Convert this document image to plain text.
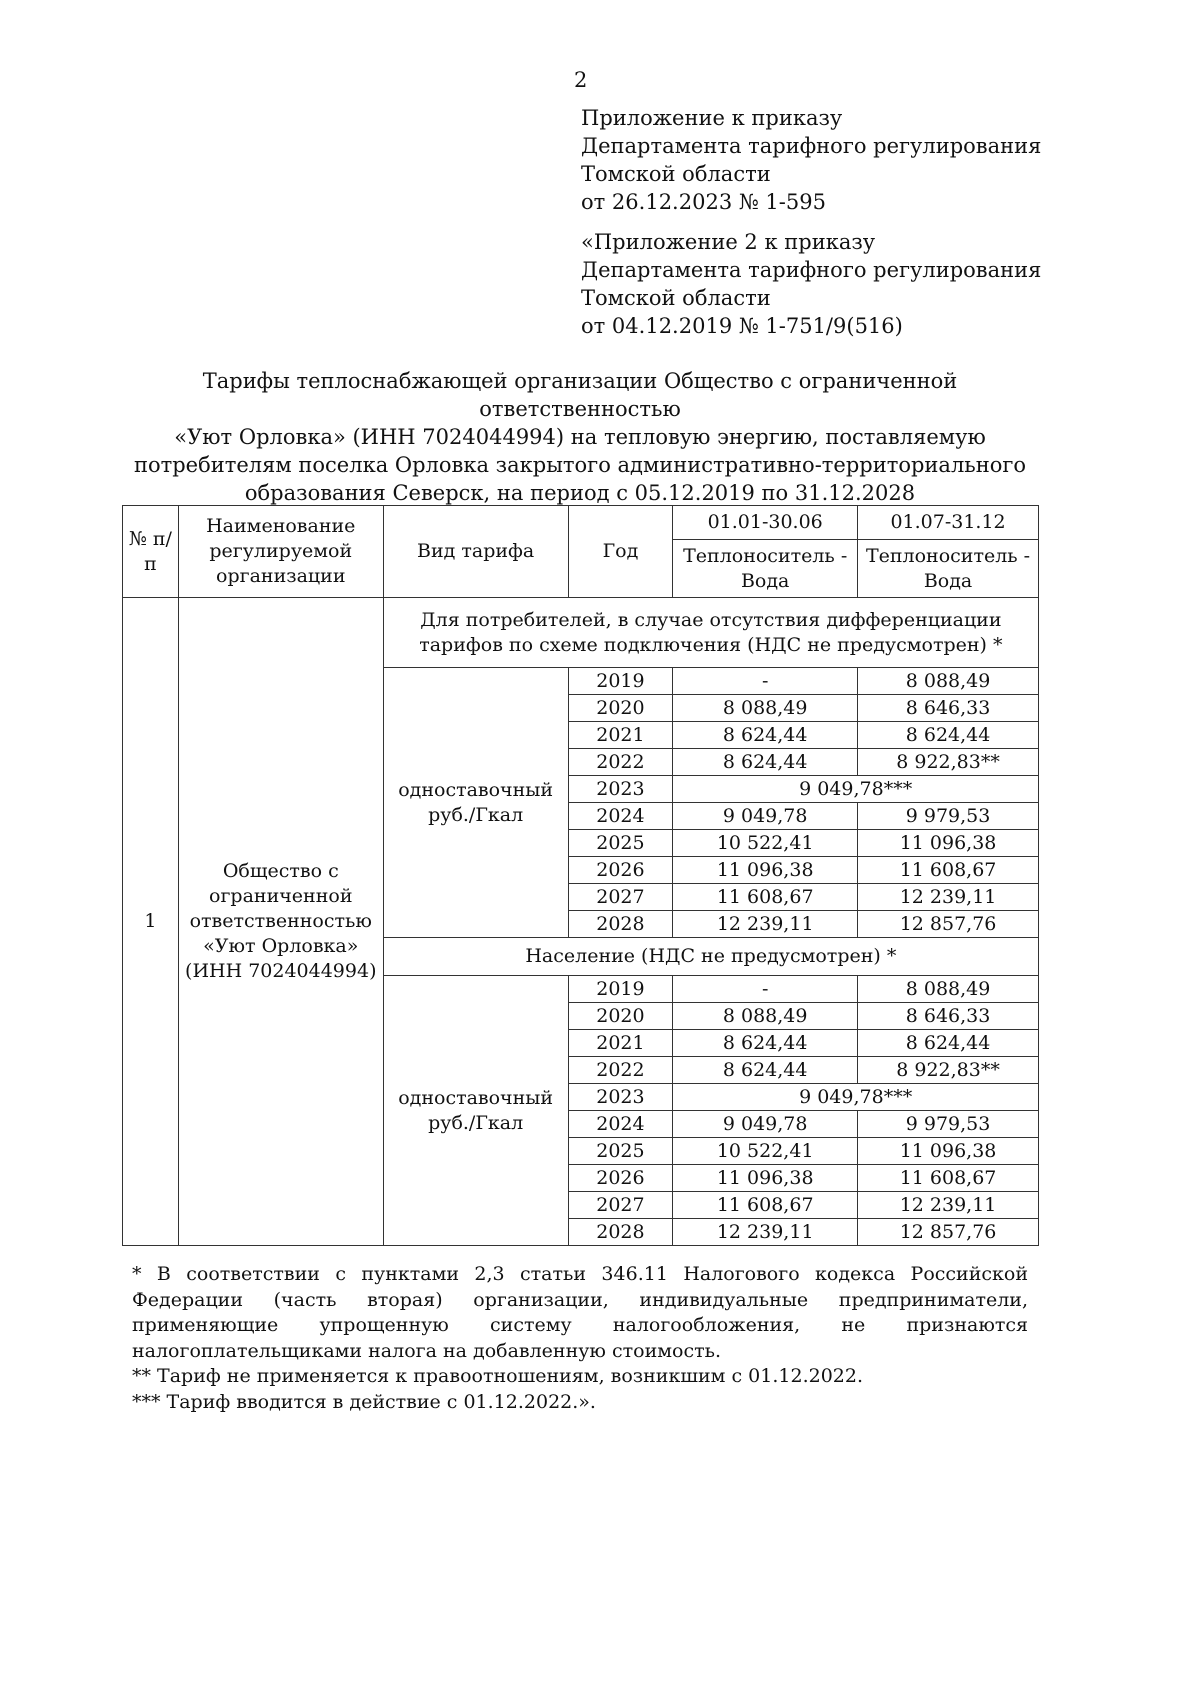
2
Приложение к приказу
Департамента тарифного регулирования
Томской области
от 26.12.2023 № 1-595
«Приложение 2 к приказу
Департамента тарифного регулирования
Томской области
от 04.12.2019 № 1-751/9(516)
Тарифы теплоснабжающей организации Общество с ограниченной ответственностью
«Уют Орловка» (ИНН 7024044994) на тепловую энергию, поставляемую
потребителям поселка Орловка закрытого административно-территориального
образования Северск, на период с 05.12.2019 по 31.12.2028
№ п/п	Наименование регулируемой организации	Вид тарифа	Год	01.01-30.06	01.07-31.12
				Теплоноситель - Вода	Теплоноситель - Вода
1	Общество с ограниченной ответственностью «Уют Орловка» (ИНН 7024044994)	Для потребителей, в случае отсутствия дифференциации тарифов по схеме подключения (НДС не предусмотрен) *			
		одноставочный руб./Гкал	2019	-	8 088,49
			2020	8 088,49	8 646,33
			2021	8 624,44	8 624,44
			2022	8 624,44	8 922,83**
			2023	9 049,78***	
			2024	9 049,78	9 979,53
			2025	10 522,41	11 096,38
			2026	11 096,38	11 608,67
			2027	11 608,67	12 239,11
			2028	12 239,11	12 857,76
		Население (НДС не предусмотрен) *			
		одноставочный руб./Гкал	2019	-	8 088,49
			2020	8 088,49	8 646,33
			2021	8 624,44	8 624,44
			2022	8 624,44	8 922,83**
			2023	9 049,78***	
			2024	9 049,78	9 979,53
			2025	10 522,41	11 096,38
			2026	11 096,38	11 608,67
			2027	11 608,67	12 239,11
			2028	12 239,11	12 857,76
* В соответствии с пунктами 2,3 статьи 346.11 Налогового кодекса Российской Федерации (часть вторая) организации, индивидуальные предприниматели, применяющие упрощенную систему налогообложения, не признаются налогоплательщиками налога на добавленную стоимость.
** Тариф не применяется к правоотношениям, возникшим с 01.12.2022.
*** Тариф вводится в действие с 01.12.2022.».
